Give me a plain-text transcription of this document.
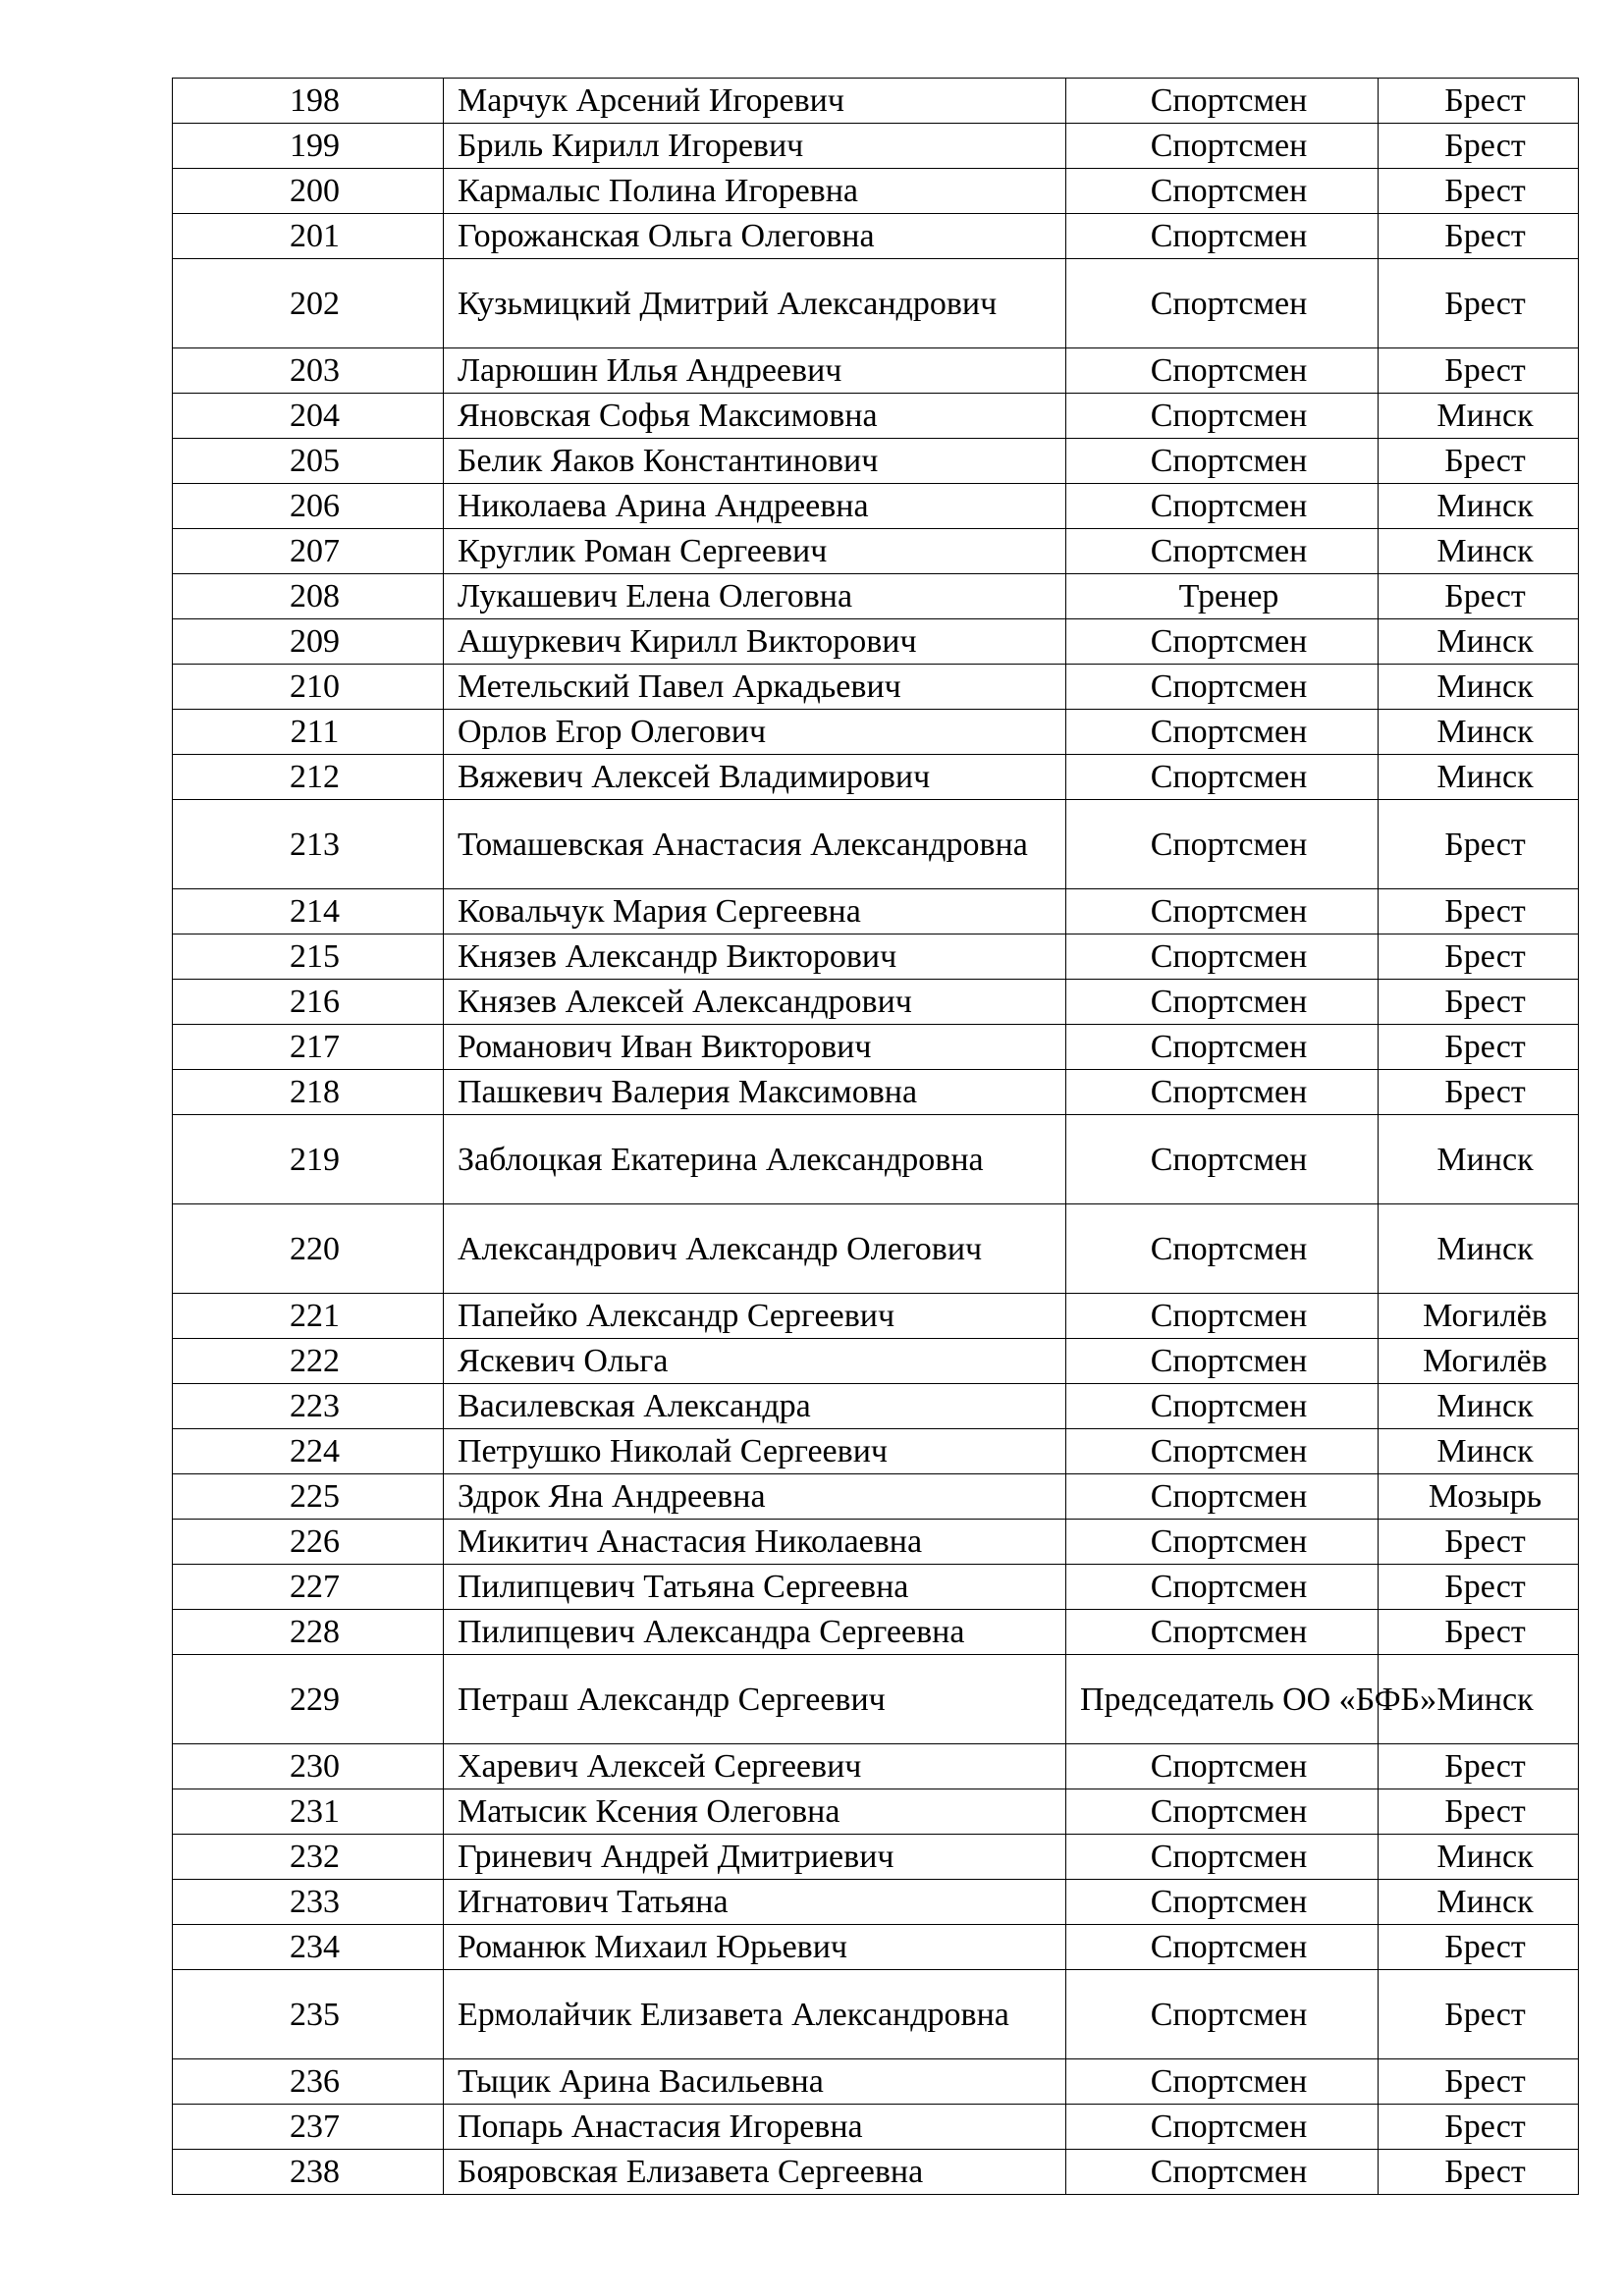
198	Марчук Арсений Игоревич	Спортсмен	Брест
199	Бриль Кирилл Игоревич	Спортсмен	Брест
200	Кармалыс Полина Игоревна	Спортсмен	Брест
201	Горожанская Ольга Олеговна	Спортсмен	Брест
202	Кузьмицкий Дмитрий Александрович	Спортсмен	Брест
203	Ларюшин Илья Андреевич	Спортсмен	Брест
204	Яновская Софья Максимовна	Спортсмен	Минск
205	Белик Яаков Константинович	Спортсмен	Брест
206	Николаева Арина Андреевна	Спортсмен	Минск
207	Круглик Роман Сергеевич	Спортсмен	Минск
208	Лукашевич Елена Олеговна	Тренер	Брест
209	Ашуркевич Кирилл Викторович	Спортсмен	Минск
210	Метельский Павел Аркадьевич	Спортсмен	Минск
211	Орлов Егор Олегович	Спортсмен	Минск
212	Вяжевич Алексей Владимирович	Спортсмен	Минск
213	Томашевская Анастасия Александровна	Спортсмен	Брест
214	Ковальчук Мария Сергеевна	Спортсмен	Брест
215	Князев Александр Викторович	Спортсмен	Брест
216	Князев Алексей Александрович	Спортсмен	Брест
217	Романович Иван Викторович	Спортсмен	Брест
218	Пашкевич Валерия Максимовна	Спортсмен	Брест
219	Заблоцкая Екатерина Александровна	Спортсмен	Минск
220	Александрович Александр Олегович	Спортсмен	Минск
221	Папейко Александр Сергеевич	Спортсмен	Могилёв
222	Яскевич Ольга	Спортсмен	Могилёв
223	Василевская Александра	Спортсмен	Минск
224	Петрушко Николай Сергеевич	Спортсмен	Минск
225	Здрок Яна Андреевна	Спортсмен	Мозырь
226	Микитич Анастасия Николаевна	Спортсмен	Брест
227	Пилипцевич Татьяна Сергеевна	Спортсмен	Брест
228	Пилипцевич Александра Сергеевна	Спортсмен	Брест
229	Петраш Александр Сергеевич	Председатель ОО «БФБ»	Минск
230	Харевич Алексей Сергеевич	Спортсмен	Брест
231	Матысик Ксения Олеговна	Спортсмен	Брест
232	Гриневич Андрей Дмитриевич	Спортсмен	Минск
233	Игнатович Татьяна	Спортсмен	Минск
234	Романюк Михаил Юрьевич	Спортсмен	Брест
235	Ермолайчик Елизавета Александровна	Спортсмен	Брест
236	Тыцик Арина Васильевна	Спортсмен	Брест
237	Попарь Анастасия Игоревна	Спортсмен	Брест
238	Бояровская Елизавета Сергеевна	Спортсмен	Брест
